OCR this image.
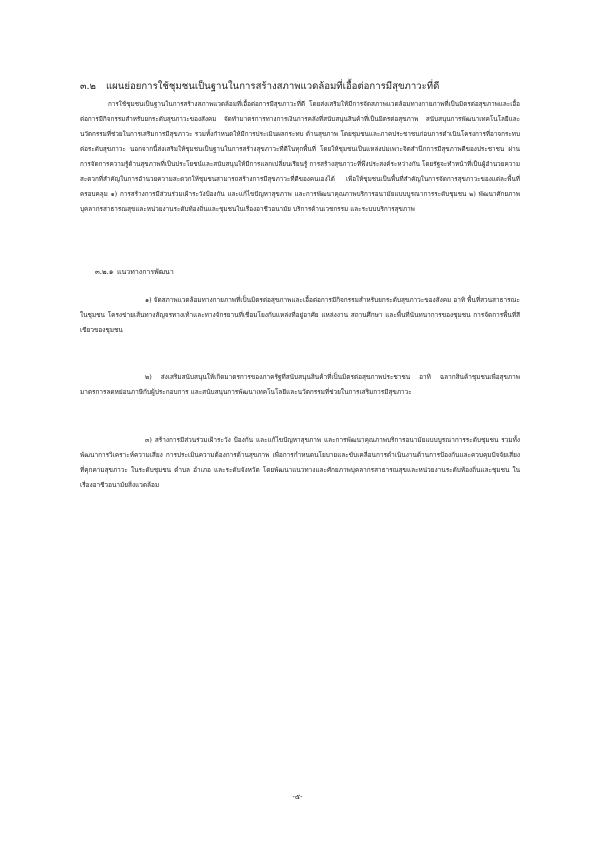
๓.๒ แผนย่อยการใช้ชุมชนเป็นฐานในการสร้างสภาพแวดล้อมที่เอื้อต่อการมีสุขภาวะที่ดี
การใช้ชุมชนเป็นฐานในการสร้างสภาพแวดล้อมที่เอื้อต่อการมีสุขภาวะที่ดี โดยส่งเสริมให้มีการจัดสภาพแวดล้อมทางกายภาพที่เป็นมิตรต่อสุขภาพและเอื้อต่อการมีกิจกรรมสำหรับยกระดับสุขภาวะของสังคม จัดทำมาตรการทางการเงินการคลังที่สนับสนุนสินค้าที่เป็นมิตรต่อสุขภาพ สนับสนุนการพัฒนาเทคโนโลยีและนวัตกรรมที่ช่วยในการเสริมการมีสุขภาวะ รวมทั้งกำหนดให้มีการประเมินผลกระทบ ด้านสุขภาพ โดยชุมชนและภาคประชาชนก่อนการดำเนินโครงการที่อาจกระทบต่อระดับสุขภาวะ นอกจากนี้ส่งเสริมให้ชุมชนเป็นฐานในการสร้างสุขภาวะที่ดีในทุกพื้นที่ โดยให้ชุมชนเป็นแหล่งบ่มเพาะจิตสำนึกการมีสุขภาพดีของประชาชน ผ่านการจัดการความรู้ด้านสุขภาพที่เป็นประโยชน์และสนับสนุนให้มีการแลกเปลี่ยนเรียนรู้ การสร้างสุขภาวะที่พึงประสงค์ระหว่างกัน โดยรัฐจะทำหน้าที่เป็นผู้อำนวยความสะดวกที่สำคัญในการอำนวยความสะดวกให้ชุมชนสามารถสร้างการมีสุขภาวะที่ดีของคนเองได้ เพื่อให้ชุมชนเป็นพื้นที่สำคัญในการจัดการสุขภาวะของแต่ละพื้นที่ ครอบคลุม ๑) การสร้างการมีส่วนร่วมเฝ้าระวังป้องกัน และแก้ไขปัญหาสุขภาพ และการพัฒนาคุณภาพบริการอนามัยแบบบูรณาการระดับชุมชน ๒) พัฒนาศักยภาพบุคลากรสาธารณสุขและหน่วยงานระดับท้องถิ่นและชุมชนในเรื่องอาชีวอนามัย บริการด้านเวชกรรม และระบบบริการสุขภาพ
๓.๒.๑ แนวทางการพัฒนา
๑) จัดสภาพแวดล้อมทางกายภาพที่เป็นมิตรต่อสุขภาพและเอื้อต่อการมีกิจกรรมสำหรับยกระดับสุขภาวะของสังคม อาทิ พื้นที่สวนสาธารณะในชุมชน โครงข่ายเส้นทางสัญจรทางเท้าและทางจักรยานที่เชื่อมโยงกับแหล่งที่อยู่อาศัย แหล่งงาน สถานศึกษา และพื้นที่นันทนาการของชุมชน การจัดการพื้นที่สีเขียวของชุมชน
๒) ส่งเสริมสนับสนุนให้เกิดมาตรการของภาครัฐที่สนับสนุนสินค้าที่เป็นมิตรต่อสุขภาพประชาชน อาทิ ฉลากสินค้าชุมชนเพื่อสุขภาพ มาตรการลดหย่อนภาษีกับผู้ประกอบการ และสนับสนุนการพัฒนาเทคโนโลยีและนวัตกรรมที่ช่วยในการเสริมการมีสุขภาวะ
๓) สร้างการมีส่วนร่วมเฝ้าระวัง ป้องกัน และแก้ไขปัญหาสุขภาพ และการพัฒนาคุณภาพบริการอนามัยแบบบูรณาการระดับชุมชน รวมทั้งพัฒนาการวิเคราะห์ความเสี่ยง การประเมินความต้องการด้านสุขภาพ เพื่อการกำหนดนโยบายและขับเคลื่อนการดำเนินงานด้านการป้องกันและควบคุมปัจจัยเสี่ยงที่คุกคามสุขภาวะ ในระดับชุมชน ตำบล อำเภอ และระดับจังหวัด โดยพัฒนาแนวทางและศักยภาพบุคลากรสาธารณสุขและหน่วยงานระดับท้องถิ่นและชุมชน ในเรื่องอาชีวอนามัยสิ่งแวดล้อม
-๕-
